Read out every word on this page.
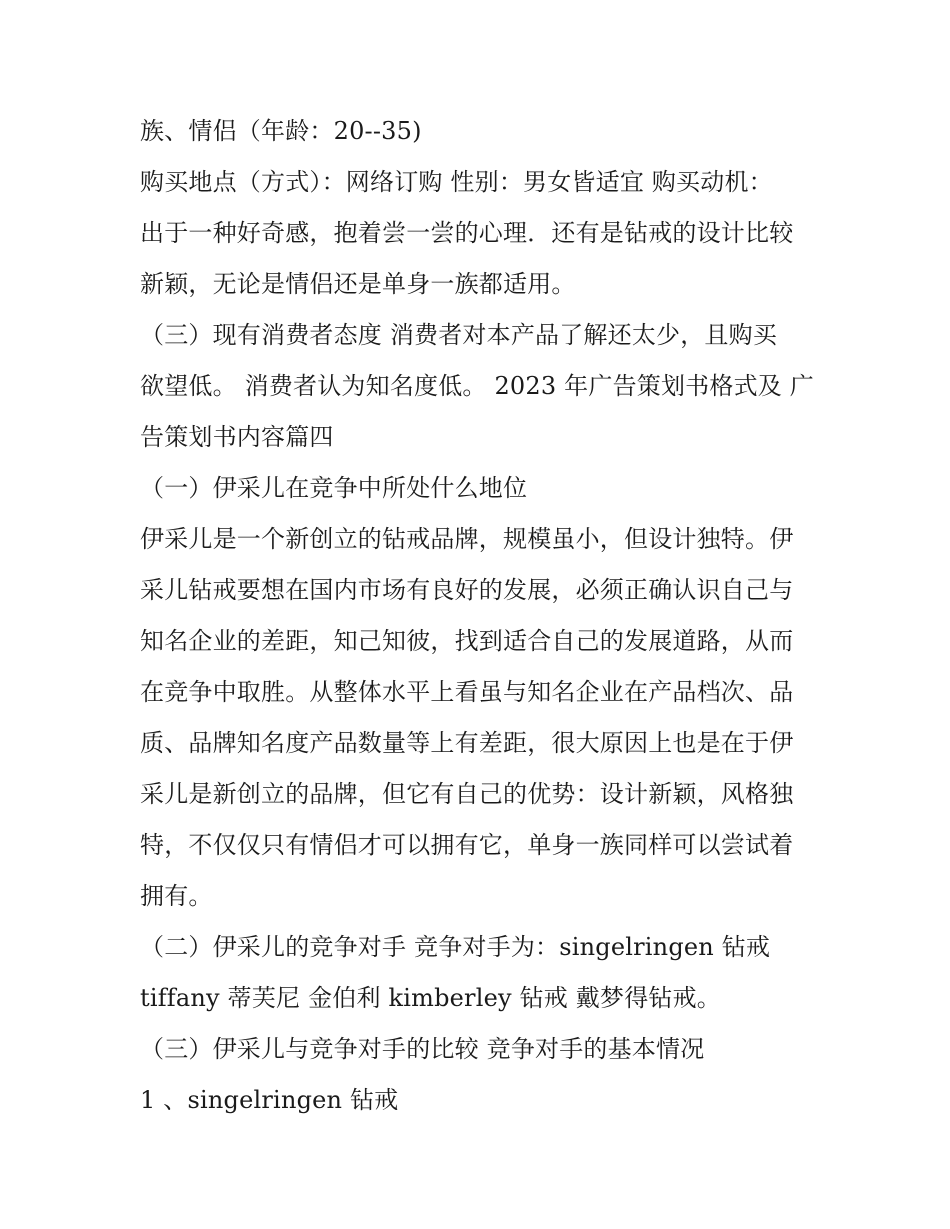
族、情侣（年龄：20--35)
购买地点（方式）：网络订购 性别：男女皆适宜 购买动机：
出于一种好奇感，抱着尝一尝的心理．还有是钻戒的设计比较
新颖，无论是情侣还是单身一族都适用。
（三）现有消费者态度 消费者对本产品了解还太少，且购买
欲望低。 消费者认为知名度低。 2023 年广告策划书格式及 广
告策划书内容篇四
（一）伊采儿在竞争中所处什么地位
伊采儿是一个新创立的钻戒品牌，规模虽小，但设计独特。伊
采儿钻戒要想在国内市场有良好的发展，必须正确认识自己与
知名企业的差距，知己知彼，找到适合自己的发展道路，从而
在竞争中取胜。从整体水平上看虽与知名企业在产品档次、品
质、品牌知名度产品数量等上有差距，很大原因上也是在于伊
采儿是新创立的品牌，但它有自己的优势：设计新颖，风格独
特，不仅仅只有情侣才可以拥有它，单身一族同样可以尝试着
拥有。
（二）伊采儿的竞争对手 竞争对手为：singelringen 钻戒
tiffany 蒂芙尼 金伯利 kimberley 钻戒 戴梦得钻戒。
（三）伊采儿与竞争对手的比较 竞争对手的基本情况
1 、singelringen 钻戒
